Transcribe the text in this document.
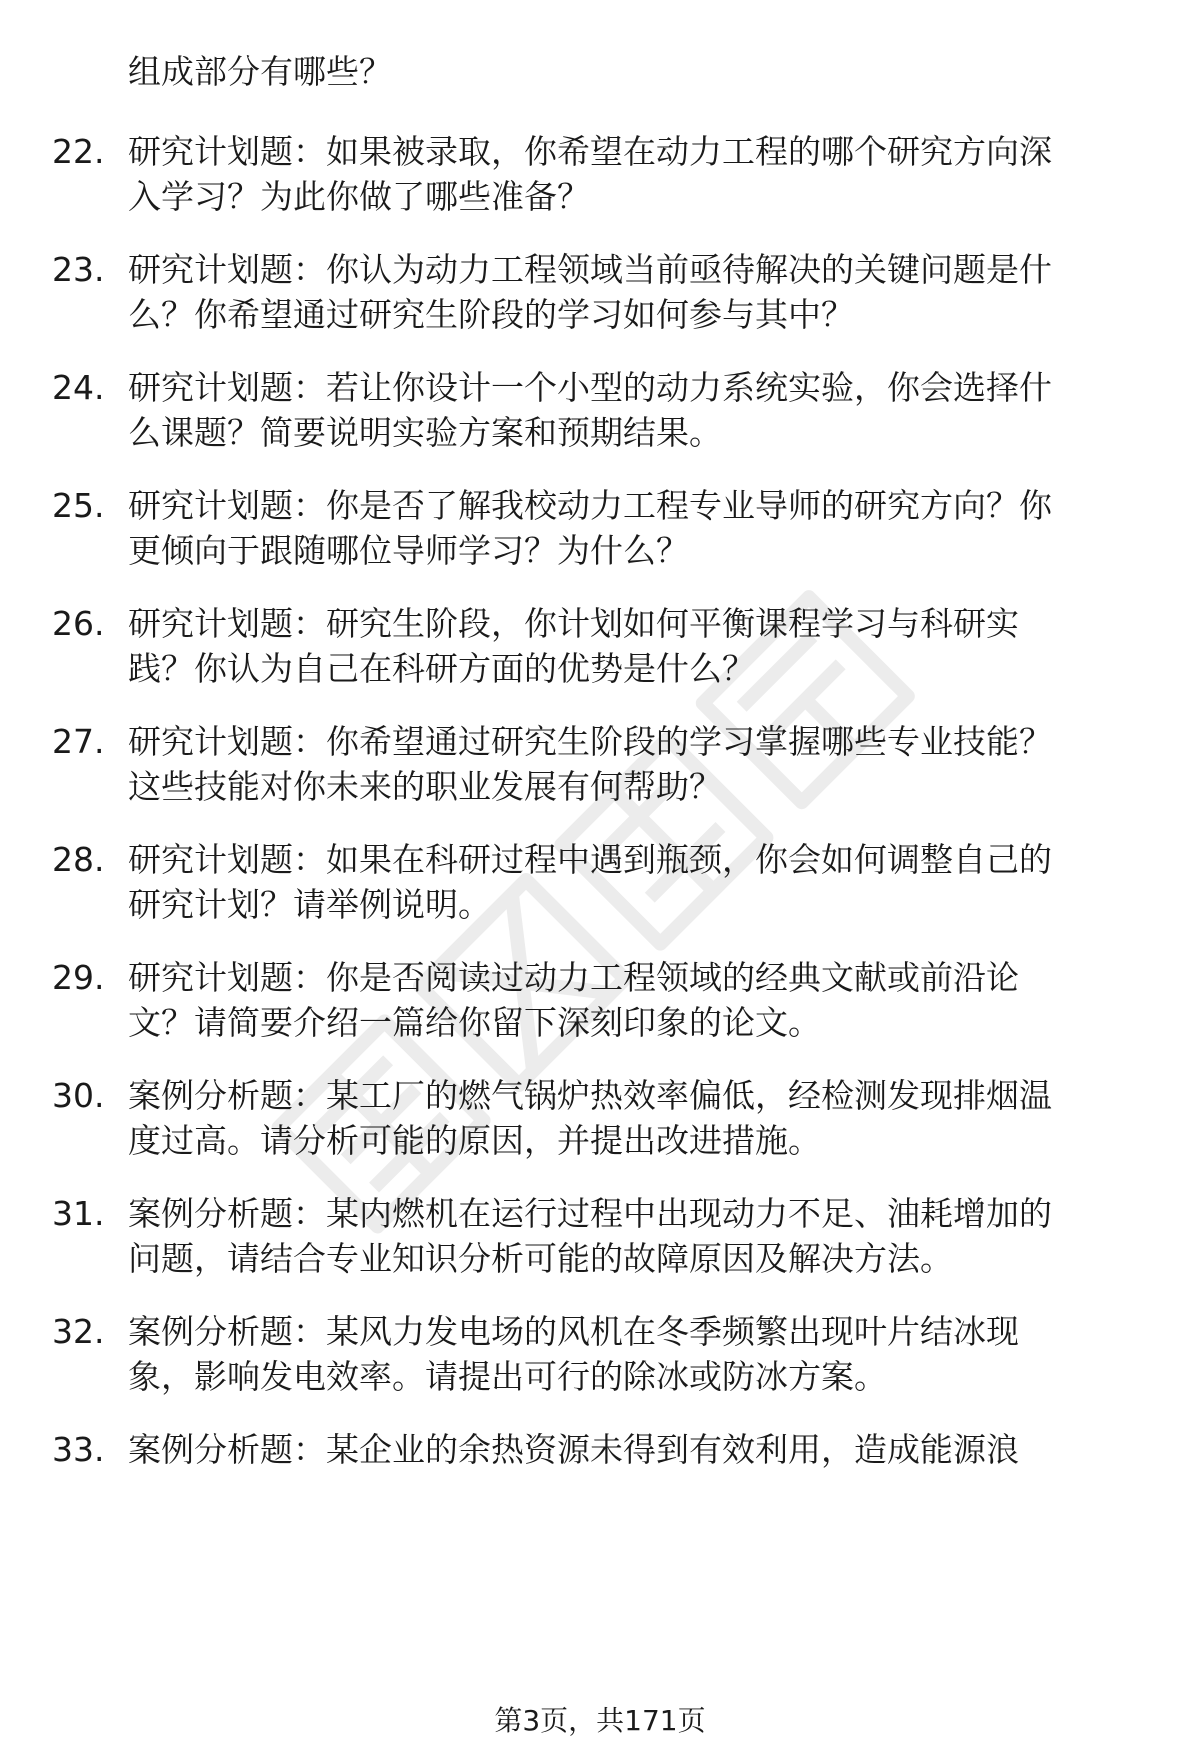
组成部分有哪些？
22. 研究计划题：如果被录取，你希望在动力工程的哪个研究方向深
入学习？为此你做了哪些准备？
23. 研究计划题：你认为动力工程领域当前亟待解决的关键问题是什
么？你希望通过研究生阶段的学习如何参与其中？
24. 研究计划题：若让你设计一个小型的动力系统实验，你会选择什
么课题？简要说明实验方案和预期结果。
25. 研究计划题：你是否了解我校动力工程专业导师的研究方向？你
更倾向于跟随哪位导师学习？为什么？
26. 研究计划题：研究生阶段，你计划如何平衡课程学习与科研实
践？你认为自己在科研方面的优势是什么？
27. 研究计划题：你希望通过研究生阶段的学习掌握哪些专业技能？
这些技能对你未来的职业发展有何帮助？
28. 研究计划题：如果在科研过程中遇到瓶颈，你会如何调整自己的
研究计划？请举例说明。
29. 研究计划题：你是否阅读过动力工程领域的经典文献或前沿论
文？请简要介绍一篇给你留下深刻印象的论文。
30. 案例分析题：某工厂的燃气锅炉热效率偏低，经检测发现排烟温
度过高。请分析可能的原因，并提出改进措施。
31. 案例分析题：某内燃机在运行过程中出现动力不足、油耗增加的
问题，请结合专业知识分析可能的故障原因及解决方法。
32. 案例分析题：某风力发电场的风机在冬季频繁出现叶片结冰现
象，影响发电效率。请提出可行的除冰或防冰方案。
33. 案例分析题：某企业的余热资源未得到有效利用，造成能源浪
第3页，共171页
